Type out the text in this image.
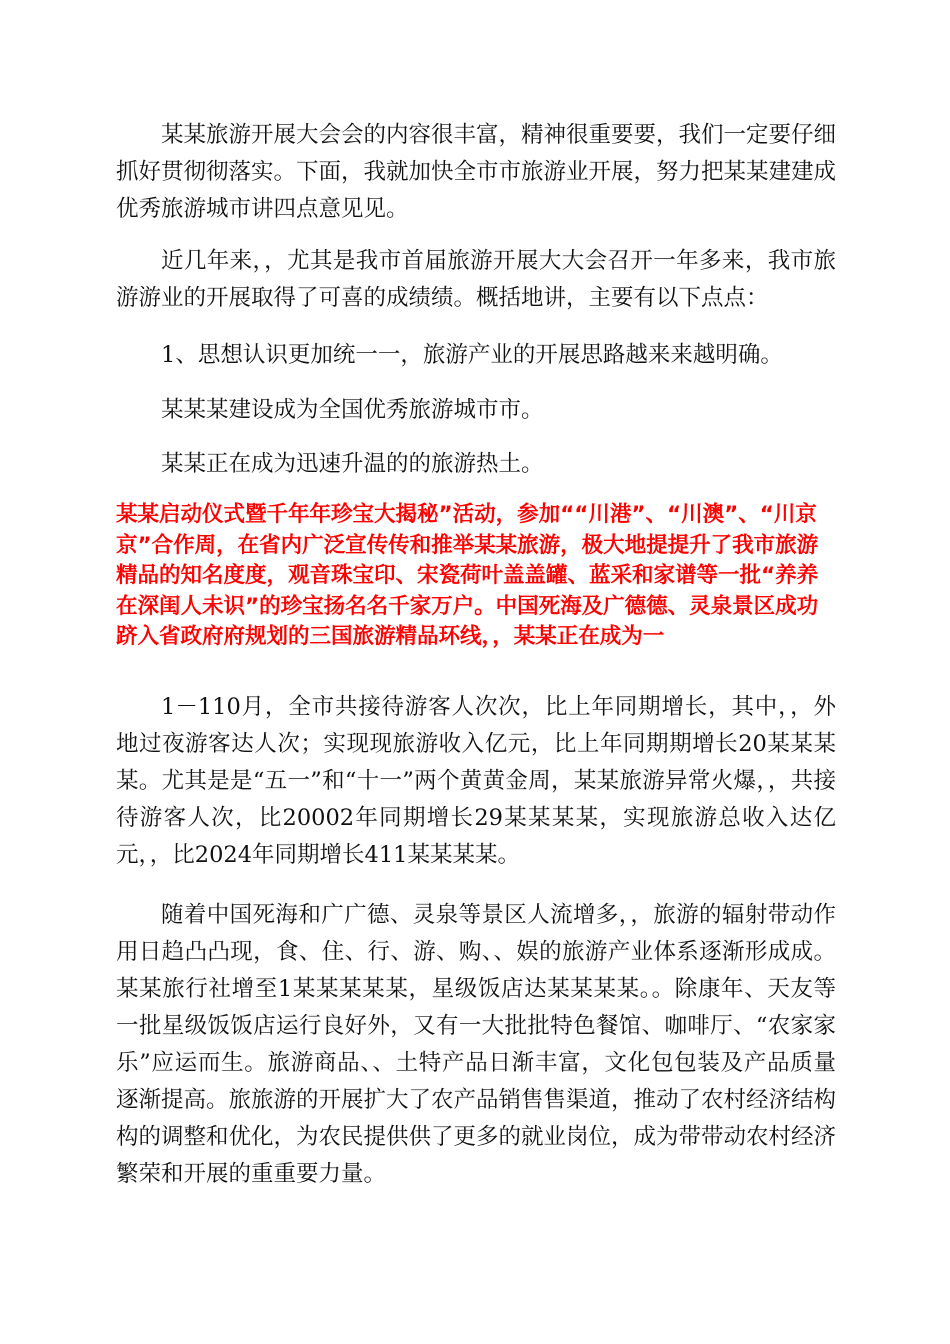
某某旅游开展大会会的内容很丰富，精神很重要要，我们一定要仔细抓好贯彻彻落实。下面，我就加快全市市旅游业开展，努力把某某建建成优秀旅游城市讲四点意见见。

近几年来，，尤其是我市首届旅游开展大大会召开一年多来，我市旅游游业的开展取得了可喜的成绩绩。概括地讲，主要有以下点点：

1、思想认识更加统一一，旅游产业的开展思路越来来越明确。

某某某建设成为全国优秀旅游城市市。

某某正在成为迅速升温的的旅游热土。

某某启动仪式暨千年年珍宝大揭秘”活动，参加““川港”、“川澳”、“川京京”合作周，在省内广泛宣传传和推举某某旅游，极大地提提升了我市旅游精品的知名度度，观音珠宝印、宋瓷荷叶盖盖罐、蓝采和家谱等一批“养养在深闺人未识”的珍宝扬名名千家万户。中国死海及广德德、灵泉景区成功跻入省政府府规划的三国旅游精品环线，，某某正在成为一

1－110月，全市共接待游客人次次，比上年同期增长，其中，，外地过夜游客达人次；实现现旅游收入亿元，比上年同期期增长20某某某某。尤其是是“五一”和“十一”两个黄黄金周，某某旅游异常火爆，，共接待游客人次，比20002年同期增长29某某某某，实现旅游总收入达亿元，，比2024年同期增长411某某某某。

随着中国死海和广广德、灵泉等景区人流增多，，旅游的辐射带动作用日趋凸凸现，食、住、行、游、购、、娱的旅游产业体系逐渐形成成。某某旅行社增至1某某某某某，星级饭店达某某某某。。除康年、天友等一批星级饭饭店运行良好外，又有一大批批特色餐馆、咖啡厅、“农家家乐”应运而生。旅游商品、、土特产品日渐丰富，文化包包装及产品质量逐渐提高。旅旅游的开展扩大了农产品销售售渠道，推动了农村经济结构构的调整和优化，为农民提供供了更多的就业岗位，成为带带动农村经济繁荣和开展的重重要力量。
